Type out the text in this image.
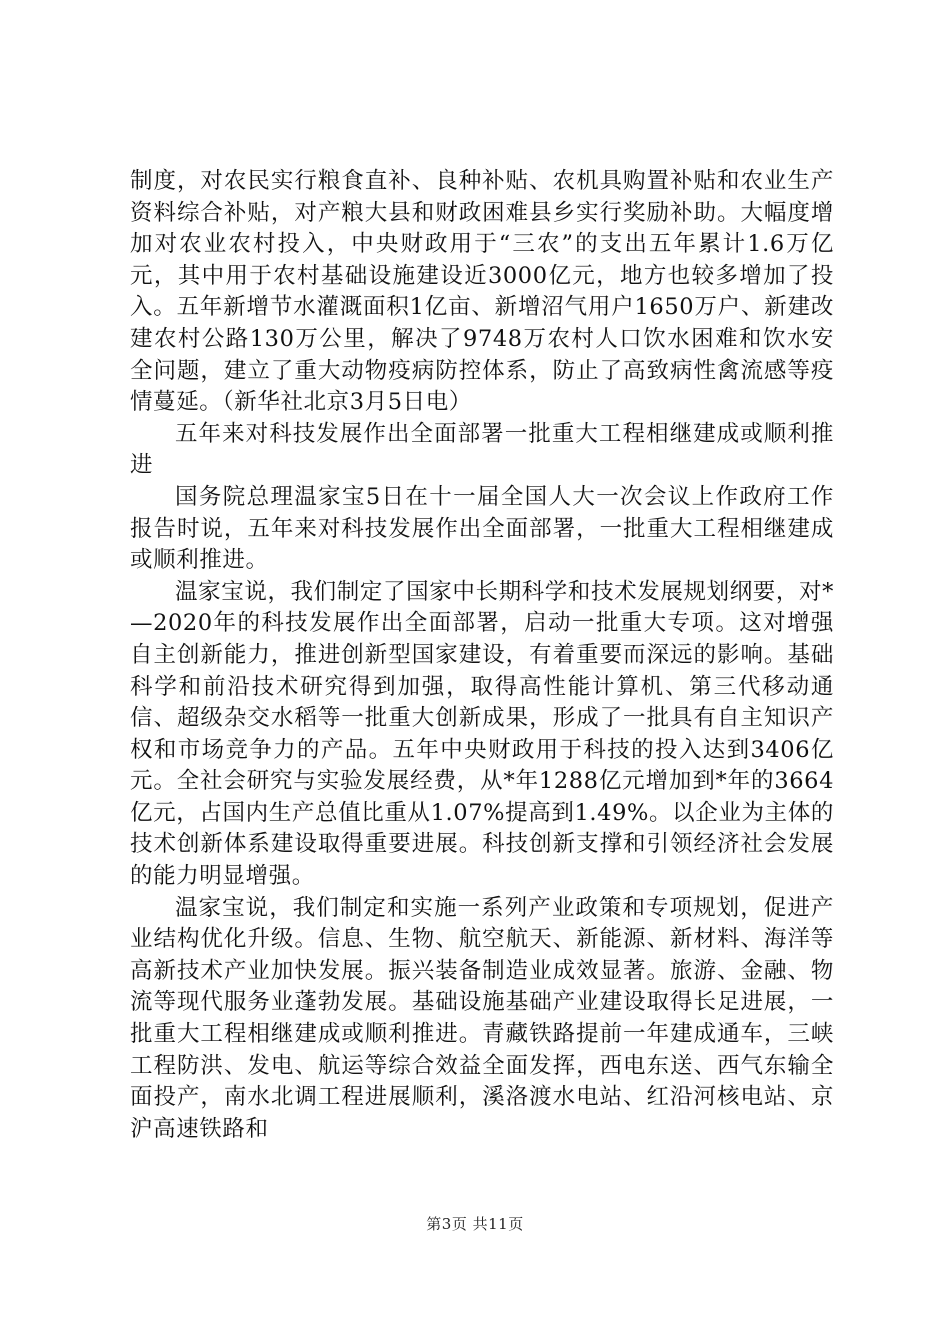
制度，对农民实行粮食直补、良种补贴、农机具购置补贴和农业生产资料综合补贴，对产粮大县和财政困难县乡实行奖励补助。大幅度增加对农业农村投入，中央财政用于“三农”的支出五年累计1.6万亿元，其中用于农村基础设施建设近3000亿元，地方也较多增加了投入。五年新增节水灌溉面积1亿亩、新增沼气用户1650万户、新建改建农村公路130万公里，解决了9748万农村人口饮水困难和饮水安全问题，建立了重大动物疫病防控体系，防止了高致病性禽流感等疫情蔓延。（新华社北京3月5日电）

五年来对科技发展作出全面部署一批重大工程相继建成或顺利推进

国务院总理温家宝5日在十一届全国人大一次会议上作政府工作报告时说，五年来对科技发展作出全面部署，一批重大工程相继建成或顺利推进。

温家宝说，我们制定了国家中长期科学和技术发展规划纲要，对*—2020年的科技发展作出全面部署，启动一批重大专项。这对增强自主创新能力，推进创新型国家建设，有着重要而深远的影响。基础科学和前沿技术研究得到加强，取得高性能计算机、第三代移动通信、超级杂交水稻等一批重大创新成果，形成了一批具有自主知识产权和市场竞争力的产品。五年中央财政用于科技的投入达到3406亿元。全社会研究与实验发展经费，从*年1288亿元增加到*年的3664亿元，占国内生产总值比重从1.07%提高到1.49%。以企业为主体的技术创新体系建设取得重要进展。科技创新支撑和引领经济社会发展的能力明显增强。

温家宝说，我们制定和实施一系列产业政策和专项规划，促进产业结构优化升级。信息、生物、航空航天、新能源、新材料、海洋等高新技术产业加快发展。振兴装备制造业成效显著。旅游、金融、物流等现代服务业蓬勃发展。基础设施基础产业建设取得长足进展，一批重大工程相继建成或顺利推进。青藏铁路提前一年建成通车，三峡工程防洪、发电、航运等综合效益全面发挥，西电东送、西气东输全面投产，南水北调工程进展顺利，溪洛渡水电站、红沿河核电站、京沪高速铁路和

第3页 共11页
